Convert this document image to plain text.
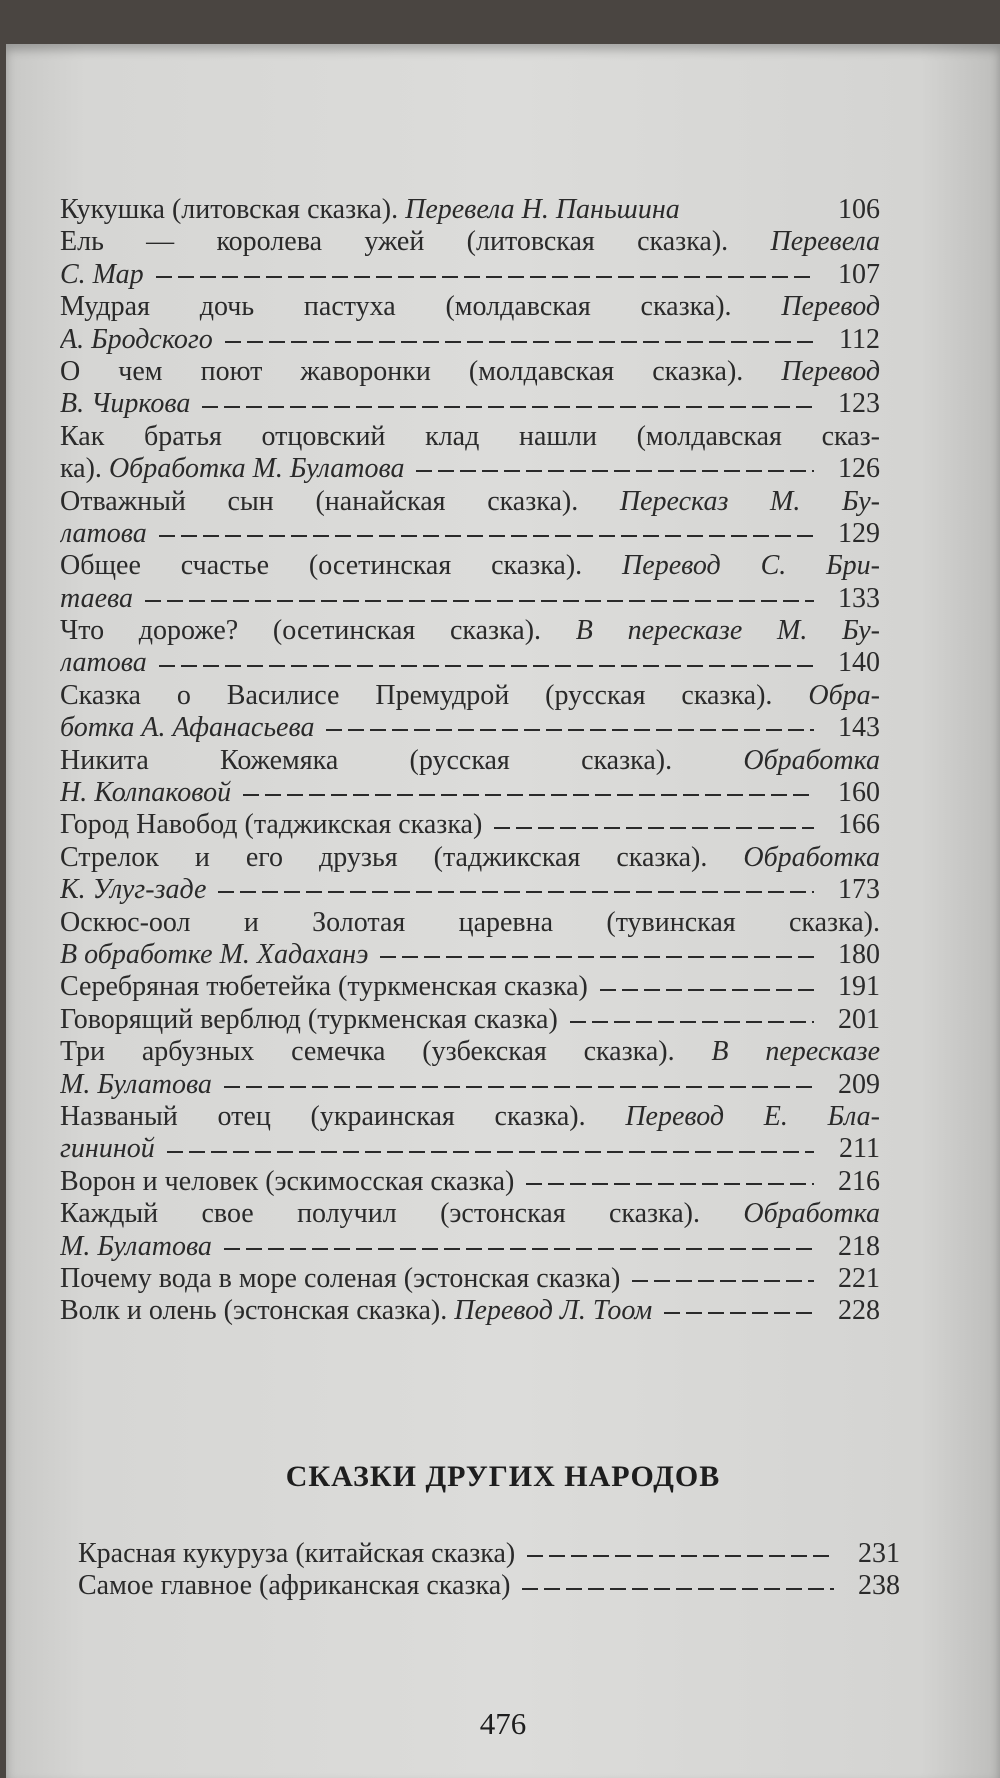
Кукушка (литовская сказка). Перевела Н. Паньшина	106
Ель — королева ужей (литовская сказка). Перевела
С. Мар	107
Мудрая дочь пастуха (молдавская сказка). Перевод
А. Бродского	112
О чем поют жаворонки (молдавская сказка). Перевод
В. Чиркова	123
Как братья отцовский клад нашли (молдавская сказ-
ка). Обработка М. Булатова	126
Отважный сын (нанайская сказка). Пересказ М. Бу-
латова	129
Общее счастье (осетинская сказка). Перевод С. Бри-
таева	133
Что дороже? (осетинская сказка). В пересказе М. Бу-
латова	140
Сказка о Василисе Премудрой (русская сказка). Обра-
ботка А. Афанасьева	143
Никита Кожемяка (русская сказка). Обработка
Н. Колпаковой	160
Город Навобод (таджикская сказка)	166
Стрелок и его друзья (таджикская сказка). Обработка
К. Улуг-заде	173
Оскюс-оол и Золотая царевна (тувинская сказка).
В обработке М. Хадаханэ	180
Серебряная тюбетейка (туркменская сказка)	191
Говорящий верблюд (туркменская сказка)	201
Три арбузных семечка (узбекская сказка). В пересказе
М. Булатова	209
Названый отец (украинская сказка). Перевод Е. Бла-
гининой	211
Ворон и человек (эскимосская сказка)	216
Каждый свое получил (эстонская сказка). Обработка
М. Булатова	218
Почему вода в море соленая (эстонская сказка)	221
Волк и олень (эстонская сказка). Перевод Л. Тоом	228
СКАЗКИ ДРУГИХ НАРОДОВ
Красная кукуруза (китайская сказка)	231
Самое главное (африканская сказка)	238
476
